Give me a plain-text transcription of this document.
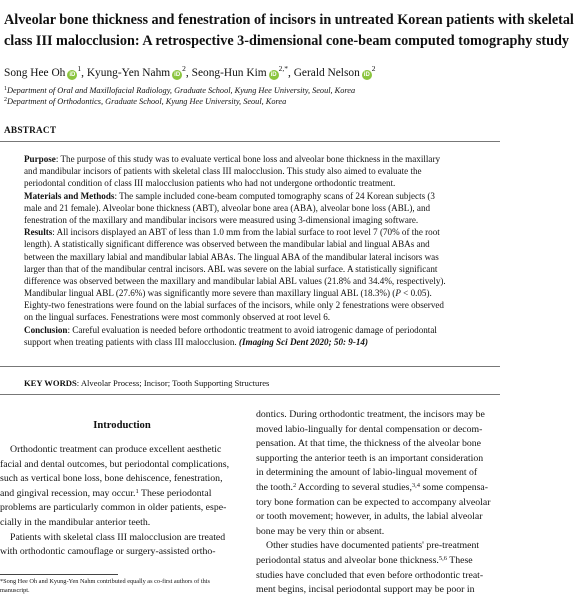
Alveolar bone thickness and fenestration of incisors in untreated Korean patients with skeletal
class III malocclusion: A retrospective 3-dimensional cone-beam computed tomography study
Song Hee Oh $iD^1$, Kyung-Yen Nahm $iD^2$, Seong-Hun Kim $iD^{2,*}$, Gerald Nelson $iD^2$
$^1$Department of Oral and Maxillofacial Radiology, Graduate School, Kyung Hee University, Seoul, Korea
$^2$Department of Orthodontics, Graduate School, Kyung Hee University, Seoul, Korea
ABSTRACT
Purpose: The purpose of this study was to evaluate vertical bone loss and alveolar bone thickness in the maxillary
and mandibular incisors of patients with skeletal class III malocclusion. This study also aimed to evaluate the
periodontal condition of class III malocclusion patients who had not undergone orthodontic treatment.
Materials and Methods: The sample included cone-beam computed tomography scans of 24 Korean subjects (3
male and 21 female). Alveolar bone thickness (ABT), alveolar bone area (ABA), alveolar bone loss (ABL), and
fenestration of the maxillary and mandibular incisors were measured using 3-dimensional imaging software.
Results: All incisors displayed an ABT of less than 1.0 mm from the labial surface to root level 7 (70% of the root
length). A statistically significant difference was observed between the mandibular labial and lingual ABAs and
between the maxillary labial and mandibular labial ABAs. The lingual ABA of the mandibular lateral incisors was
larger than that of the mandibular central incisors. ABL was severe on the labial surface. A statistically significant
difference was observed between the maxillary and mandibular labial ABL values (21.8% and 34.4%, respectively).
Mandibular lingual ABL (27.6%) was significantly more severe than maxillary lingual ABL (18.3%) (P < 0.05).
Eighty-two fenestrations were found on the labial surfaces of the incisors, while only 2 fenestrations were observed
on the lingual surfaces. Fenestrations were most commonly observed at root level 6.
Conclusion: Careful evaluation is needed before orthodontic treatment to avoid iatrogenic damage of periodontal
support when treating patients with class III malocclusion. (Imaging Sci Dent 2020; 50: 9-14)
KEY WORDS: Alveolar Process; Incisor; Tooth Supporting Structures
Introduction
Orthodontic treatment can produce excellent aesthetic
facial and dental outcomes, but periodontal complications,
such as vertical bone loss, bone dehiscence, fenestration,
and gingival recession, may occur.$^1$ These periodontal
problems are particularly common in older patients, espe-
cially in the mandibular anterior teeth.
Patients with skeletal class III malocclusion are treated
with orthodontic camouflage or surgery-assisted ortho-
dontics. During orthodontic treatment, the incisors may be
moved labio-lingually for dental compensation or decom-
pensation. At that time, the thickness of the alveolar bone
supporting the anterior teeth is an important consideration
in determining the amount of labio-lingual movement of
the tooth.$^2$ According to several studies,$^{3,4}$ some compensa-
tory bone formation can be expected to accompany alveolar
or tooth movement; however, in adults, the labial alveolar
bone may be very thin or absent.
Other studies have documented patients' pre-treatment
periodontal status and alveolar bone thickness.$^{5,6}$ These
studies have concluded that even before orthodontic treat-
ment begins, incisal periodontal support may be poor in
*Song Hee Oh and Kyung-Yen Nahm contributed equally as co-first authors of this
manuscript.
